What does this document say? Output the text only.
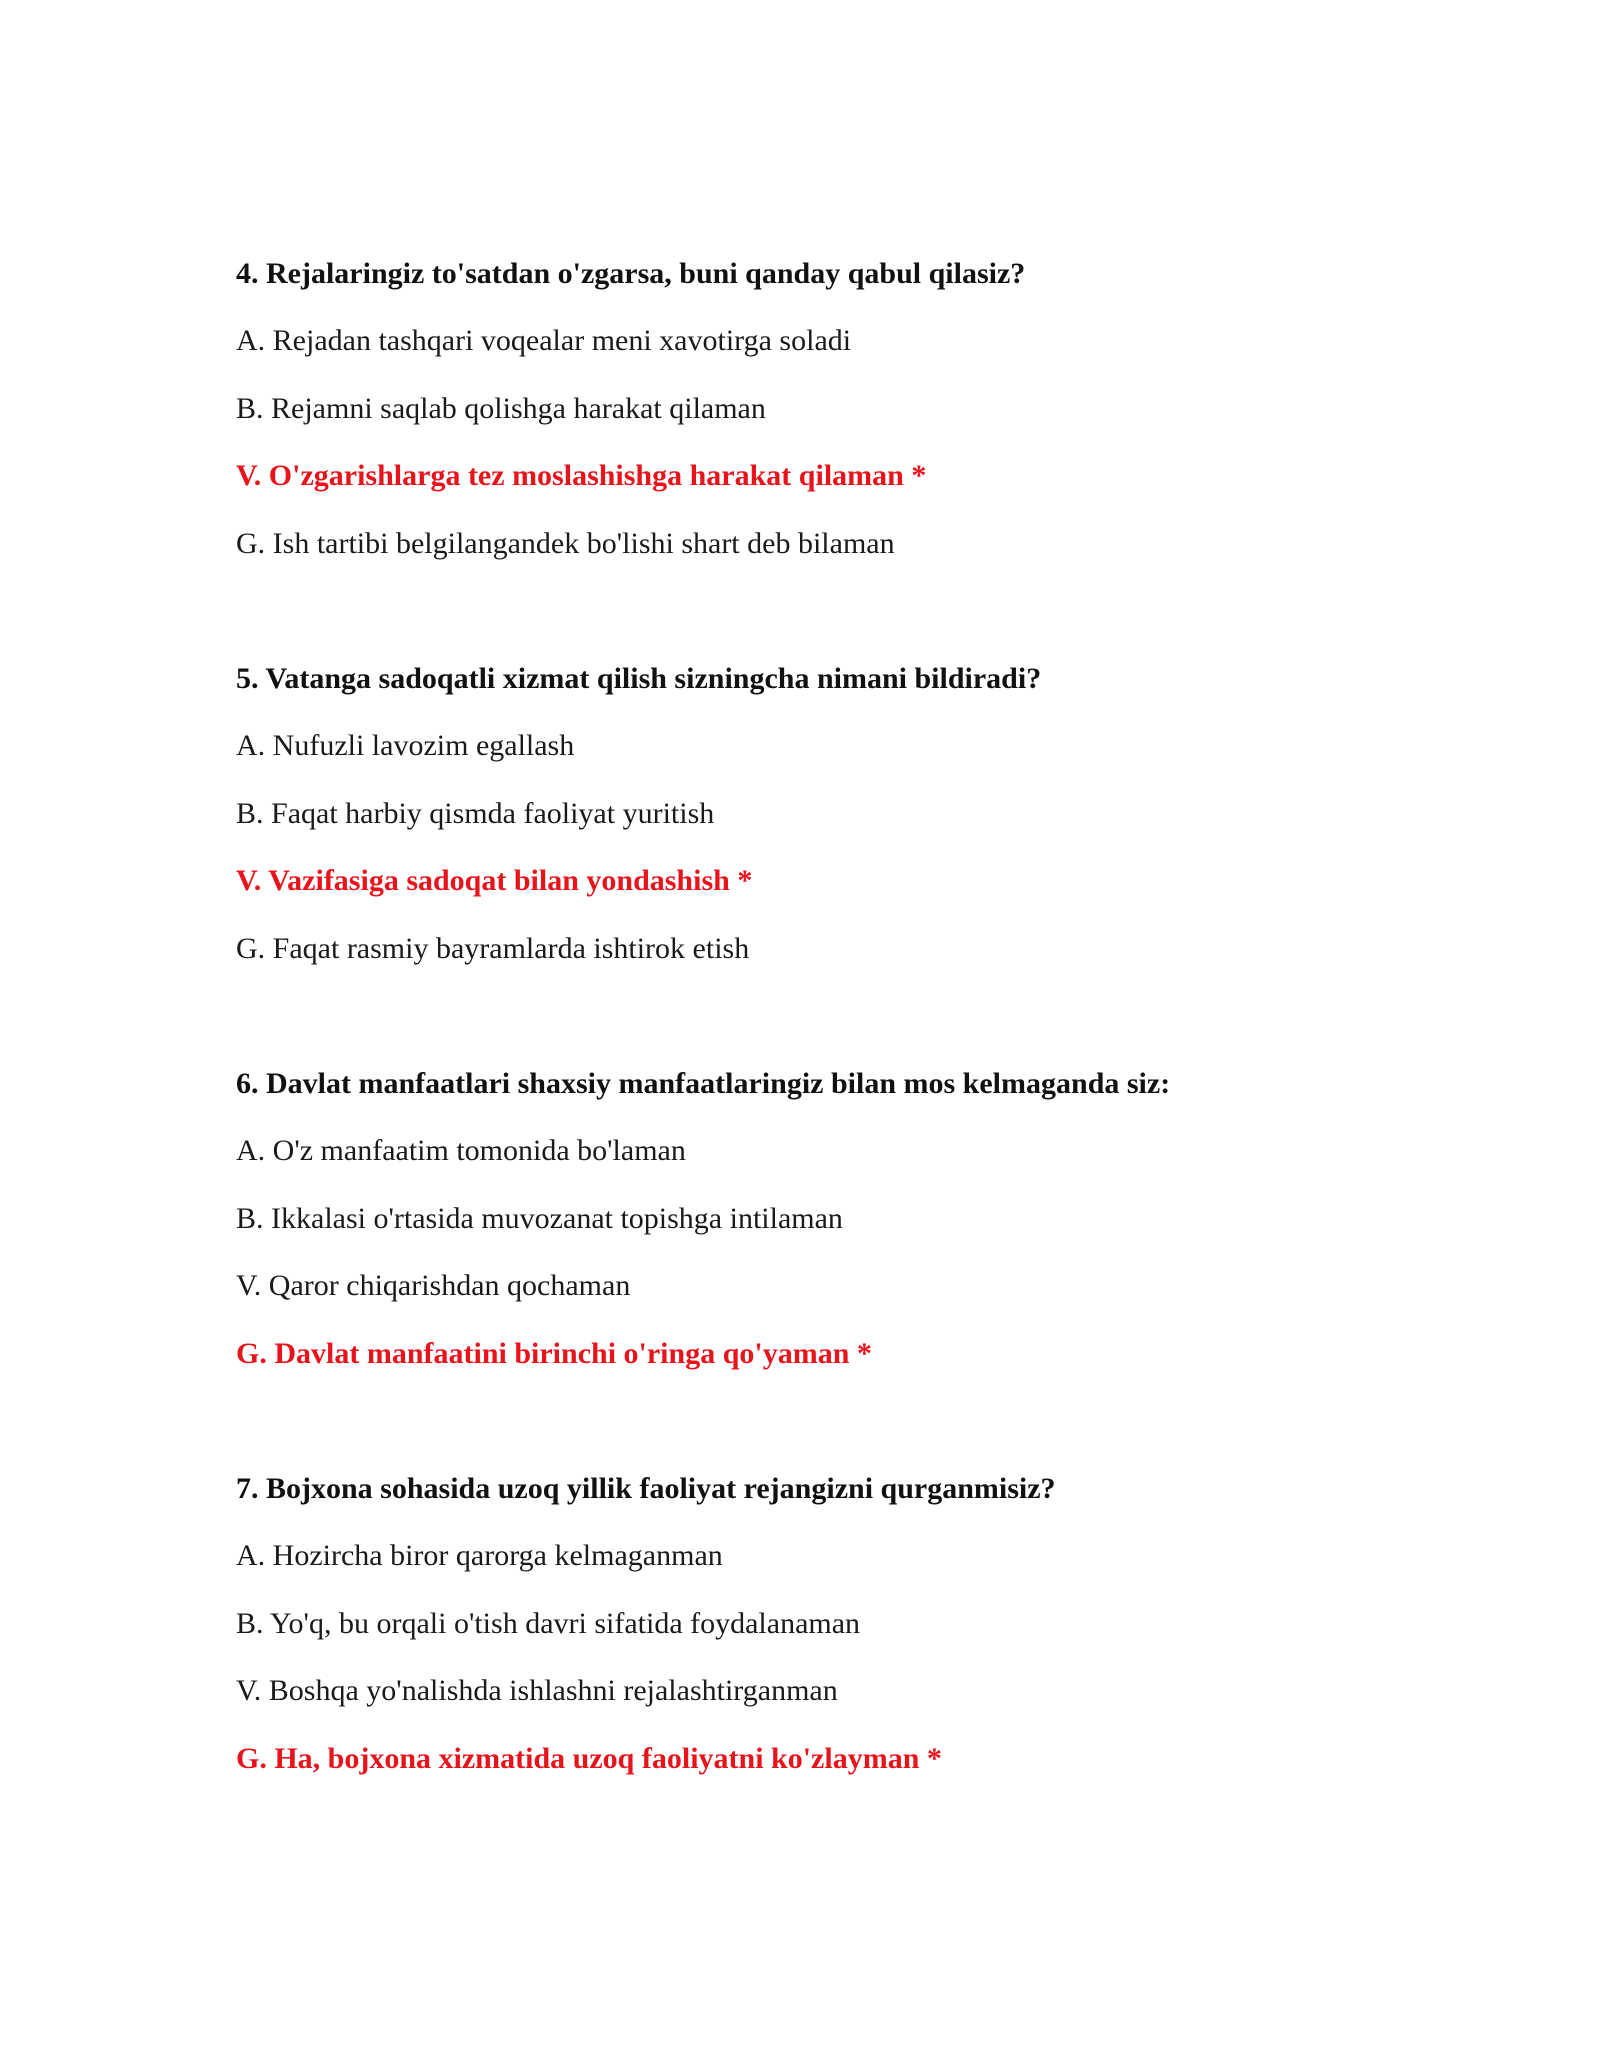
4. Rejalaringiz to'satdan o'zgarsa, buni qanday qabul qilasiz?
A. Rejadan tashqari voqealar meni xavotirga soladi
B. Rejamni saqlab qolishga harakat qilaman
V. O'zgarishlarga tez moslashishga harakat qilaman *
G. Ish tartibi belgilangandek bo'lishi shart deb bilaman
5. Vatanga sadoqatli xizmat qilish sizningcha nimani bildiradi?
A. Nufuzli lavozim egallash
B. Faqat harbiy qismda faoliyat yuritish
V. Vazifasiga sadoqat bilan yondashish *
G. Faqat rasmiy bayramlarda ishtirok etish
6. Davlat manfaatlari shaxsiy manfaatlaringiz bilan mos kelmaganda siz:
A. O'z manfaatim tomonida bo'laman
B. Ikkalasi o'rtasida muvozanat topishga intilaman
V. Qaror chiqarishdan qochaman
G. Davlat manfaatini birinchi o'ringa qo'yaman *
7. Bojxona sohasida uzoq yillik faoliyat rejangizni qurganmisiz?
A. Hozircha biror qarorga kelmaganman
B. Yo'q, bu orqali o'tish davri sifatida foydalanaman
V. Boshqa yo'nalishda ishlashni rejalashtirganman
G. Ha, bojxona xizmatida uzoq faoliyatni ko'zlayman *
